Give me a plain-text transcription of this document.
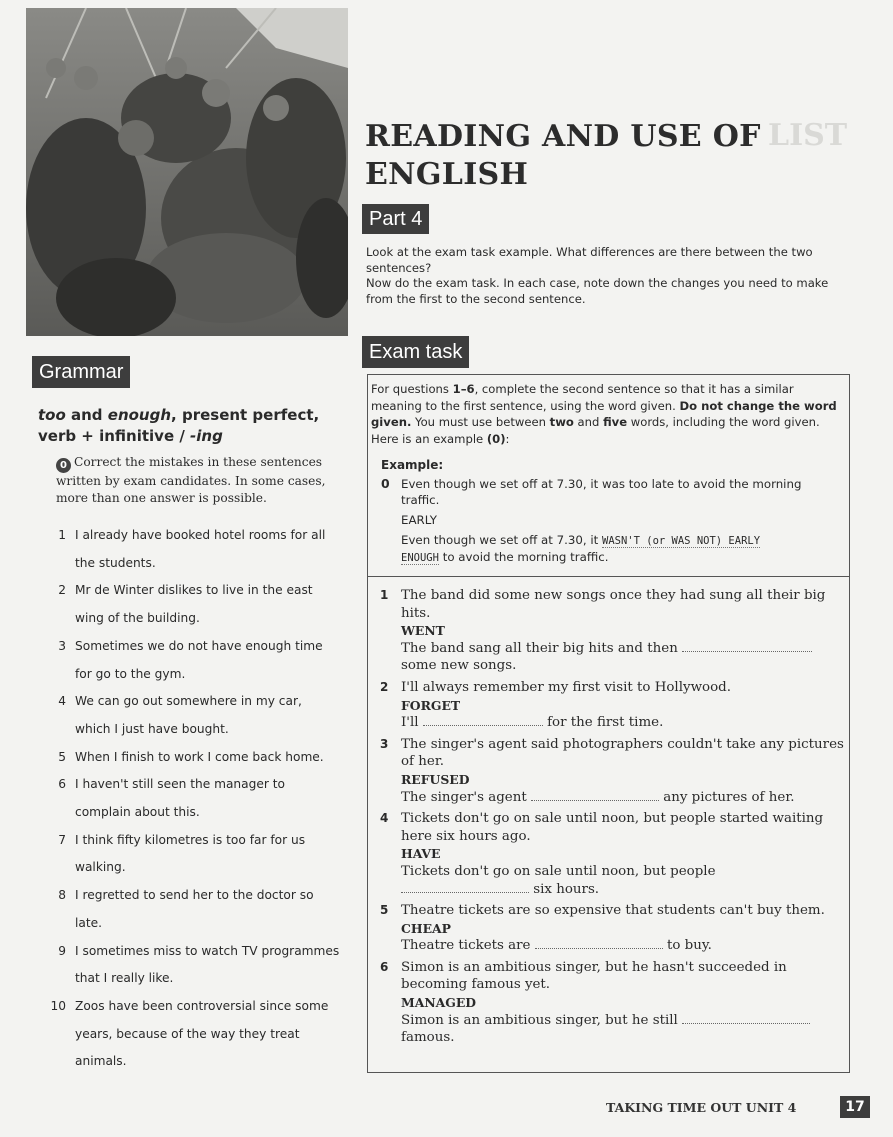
LIST
READING AND USE OF ENGLISH
Part 4

Look at the exam task example. What differences are there between the two sentences?

Now do the exam task. In each case, note down the changes you need to make from the first to the second sentence.

Exam task
Grammar
too and enough, present perfect, verb + infinitive / -ing
0 Correct the mistakes in these sentences written by exam candidates. In some cases, more than one answer is possible.
1 I already have booked hotel rooms for all the students.
2 Mr de Winter dislikes to live in the east wing of the building.
3 Sometimes we do not have enough time for go to the gym.
4 We can go out somewhere in my car, which I just have bought.
5 When I finish to work I come back home.
6 I haven't still seen the manager to complain about this.
7 I think fifty kilometres is too far for us walking.
8 I regretted to send her to the doctor so late.
9 I sometimes miss to watch TV programmes that I really like.
10 Zoos have been controversial since some years, because of the way they treat animals.
For questions 1–6, complete the second sentence so that it has a similar meaning to the first sentence, using the word given. Do not change the word given. You must use between two and five words, including the word given. Here is an example (0):
Example:
0 Even though we set off at 7.30, it was too late to avoid the morning traffic.

EARLY

Even though we set off at 7.30, it WASN'T (or WAS NOT) EARLY
ENOUGH to avoid the morning traffic.

1 The band did some new songs once they had sung all their big hits.

WENT

The band sang all their big hits and then
some new songs.

2 I'll always remember my first visit to Hollywood.

FORGET

I'll	for the first time.

3 The singer's agent said photographers couldn't take any pictures of her.

REFUSED

The singer's agent	any pictures of her.

4 Tickets don't go on sale until noon, but people started waiting here six hours ago.

HAVE

Tickets don't go on sale until noon, but people
six hours.

5 Theatre tickets are so expensive that students can't buy them.

CHEAP

Theatre tickets are	to buy.

6 Simon is an ambitious singer, but he hasn't succeeded in becoming famous yet.

MANAGED

Simon is an ambitious singer, but he still
famous.

TAKING TIME OUT UNIT 4	17
